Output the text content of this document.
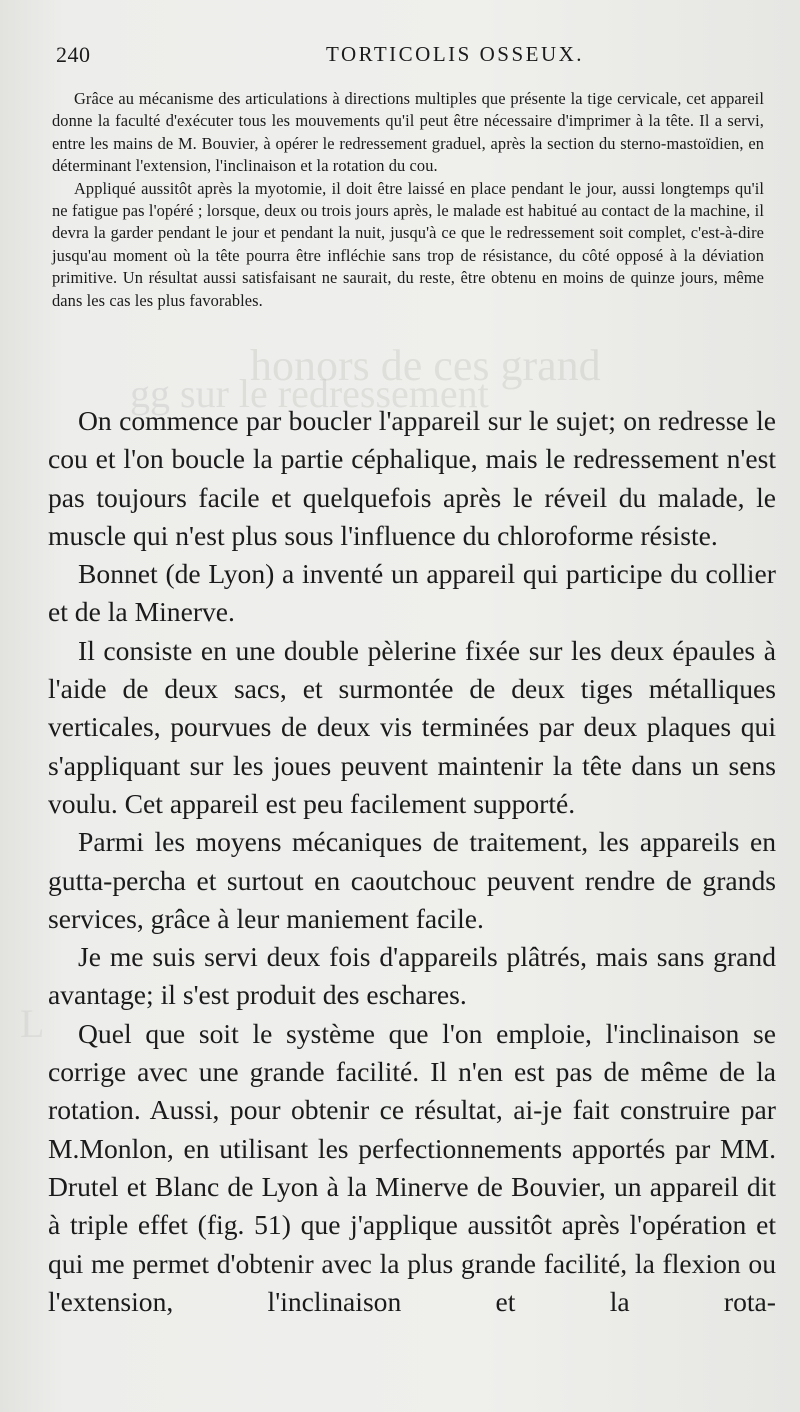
honors de ces grand
gg sur le redressement
L
240	TORTICOLIS OSSEUX.

Grâce au mécanisme des articulations à directions multiples que présente la tige cervicale, cet appareil donne la faculté d'exécuter tous les mouvements qu'il peut être nécessaire d'imprimer à la tête. Il a servi, entre les mains de M. Bouvier, à opérer le redressement graduel, après la section du sterno-mastoïdien, en déterminant l'extension, l'inclinaison et la rotation du cou.

Appliqué aussitôt après la myotomie, il doit être laissé en place pendant le jour, aussi longtemps qu'il ne fatigue pas l'opéré ; lorsque, deux ou trois jours après, le malade est habitué au contact de la machine, il devra la garder pendant le jour et pendant la nuit, jusqu'à ce que le redressement soit complet, c'est-à-dire jusqu'au moment où la tête pourra être infléchie sans trop de résistance, du côté opposé à la déviation primitive. Un résultat aussi satisfaisant ne saurait, du reste, être obtenu en moins de quinze jours, même dans les cas les plus favorables.

On commence par boucler l'appareil sur le sujet; on redresse le cou et l'on boucle la partie céphalique, mais le redressement n'est pas toujours facile et quelquefois après le réveil du malade, le muscle qui n'est plus sous l'influence du chloroforme résiste.

Bonnet (de Lyon) a inventé un appareil qui participe du collier et de la Minerve.

Il consiste en une double pèlerine fixée sur les deux épaules à l'aide de deux sacs, et surmontée de deux tiges métalliques verticales, pourvues de deux vis terminées par deux plaques qui s'appliquant sur les joues peuvent maintenir la tête dans un sens voulu. Cet appareil est peu facilement supporté.

Parmi les moyens mécaniques de traitement, les appareils en gutta-percha et surtout en caoutchouc peuvent rendre de grands services, grâce à leur maniement facile.

Je me suis servi deux fois d'appareils plâtrés, mais sans grand avantage; il s'est produit des eschares.

Quel que soit le système que l'on emploie, l'inclinaison se corrige avec une grande facilité. Il n'en est pas de même de la rotation. Aussi, pour obtenir ce résultat, ai-je fait construire par M.Monlon, en utilisant les perfectionnements apportés par MM. Drutel et Blanc de Lyon à la Minerve de Bouvier, un appareil dit à triple effet (fig. 51) que j'applique aussitôt après l'opération et qui me permet d'obtenir avec la plus grande facilité, la flexion ou l'extension, l'inclinaison et la rota-
